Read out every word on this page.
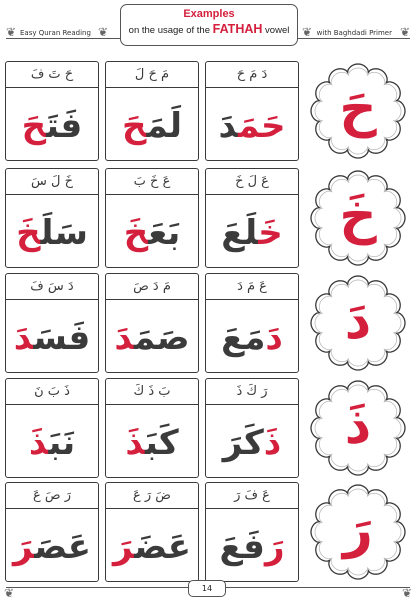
❦ Easy Quran Reading ❦	❦ with Baghdadi Primer ❦
Examples
on the usage of the FATHAH vowel
دَ مَ حَ
حَمَدَ
مَ حَ لَ
لَمَحَ
حَ تَ فَ
فَتَحَ	حَ
عَ لَ خَ
خَلَعَ
عَ خَ بَ
بَعَخَ
خَ لَ سَ
سَلَخَ	خَ
عَ مَ دَ
دَمَعَ
مَ دَ صَ
صَمَدَ
دَ سَ فَ
فَسَدَ	دَ
رَ كَ ذَ
ذَكَرَ
بَ ذَ كَ
كَبَذَ
ذَ بَ نَ
نَبَذَ	ذَ
عَ فَ رَ
رَفَعَ
ضَ رَ عَ
عَضَرَ
رَ صَ عَ
عَصَرَ	رَ
❦	❦
14
